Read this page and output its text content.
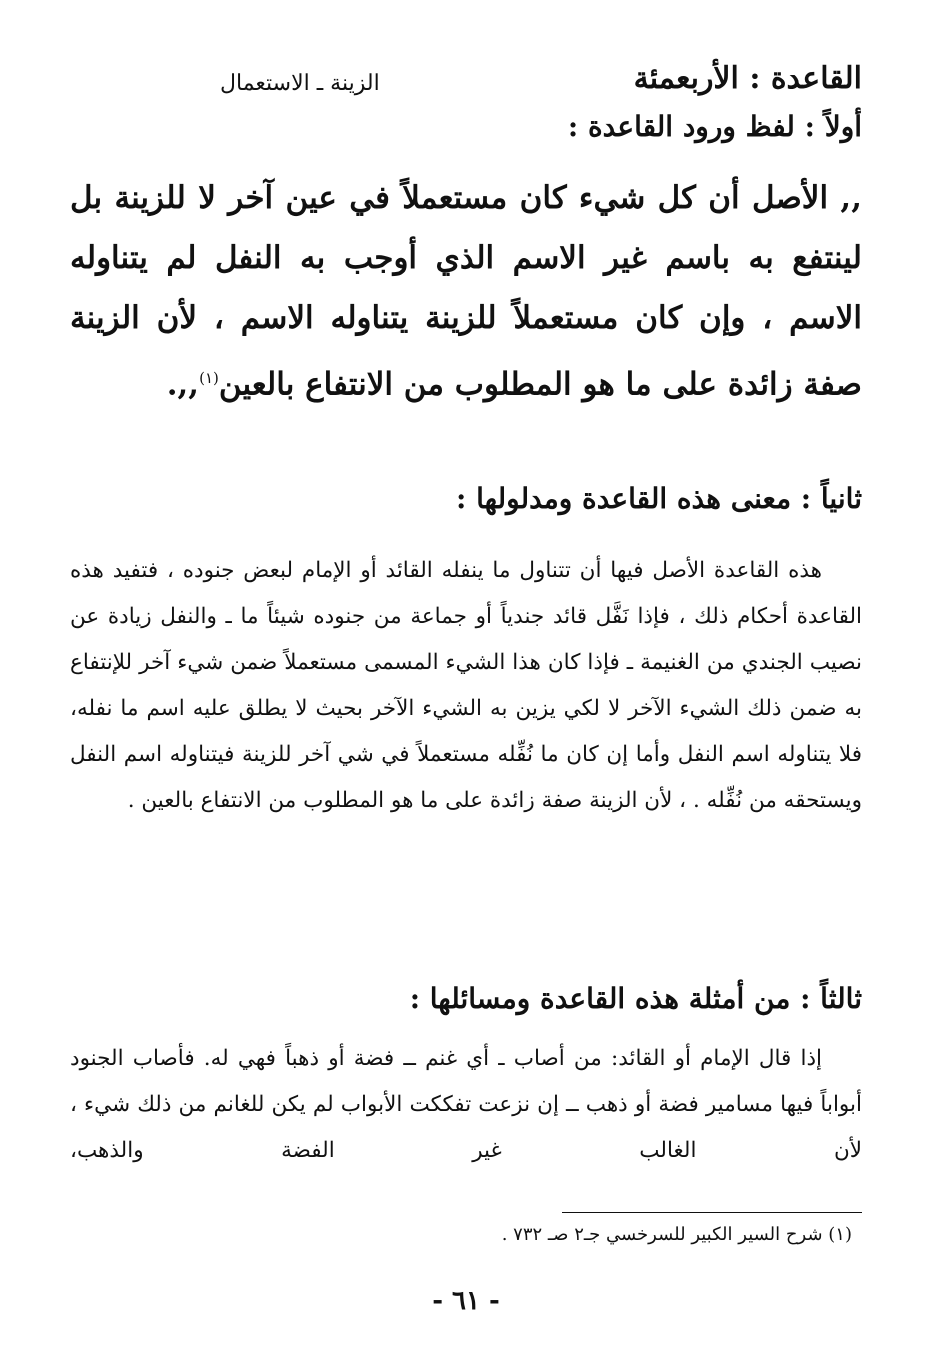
القاعدة : الأربعمئة
الزينة ـ الاستعمال
أولاً : لفظ ورود القاعدة :

,, الأصل أن كل شيء كان مستعملاً في عين آخر لا للزينة بل لينتفع به باسم غير الاسم الذي أوجب به النفل لم يتناوله الاسم ، وإن كان مستعملاً للزينة يتناوله الاسم ، لأن الزينة صفة زائدة على ما هو المطلوب من الانتفاع بالعين$^{(١)}$,,.

ثانياً : معنى هذه القاعدة ومدلولها :

هذه القاعدة الأصل فيها أن تتناول ما ينفله القائد أو الإمام لبعض جنوده ، فتفيد هذه القاعدة أحكام ذلك ، فإذا نَفَّل قائد جندياً أو جماعة من جنوده شيئاً ما ـ والنفل زيادة عن نصيب الجندي من الغنيمة ـ فإذا كان هذا الشيء المسمى مستعملاً ضمن شيء آخر للإنتفاع به ضمن ذلك الشيء الآخر لا لكي يزين به الشيء الآخر بحيث لا يطلق عليه اسم ما نفله، فلا يتناوله اسم النفل وأما إن كان ما نُفِّله مستعملاً في شي آخر للزينة فيتناوله اسم النفل ويستحقه من نُفِّله . ، لأن الزينة صفة زائدة على ما هو المطلوب من الانتفاع بالعين .

ثالثاً : من أمثلة هذه القاعدة ومسائلها :

إذا قال الإمام أو القائد: من أصاب ـ أي غنم ــ فضة أو ذهباً فهي له. فأصاب الجنود أبواباً فيها مسامير فضة أو ذهب ــ إن نزعت تفككت الأبواب لم يكن للغانم من ذلك شيء ، لأن الغالب غير الفضة والذهب،

(١) شرح السير الكبير للسرخسي جـ٢ صـ ٧٣٢ .
- ٦١ -
